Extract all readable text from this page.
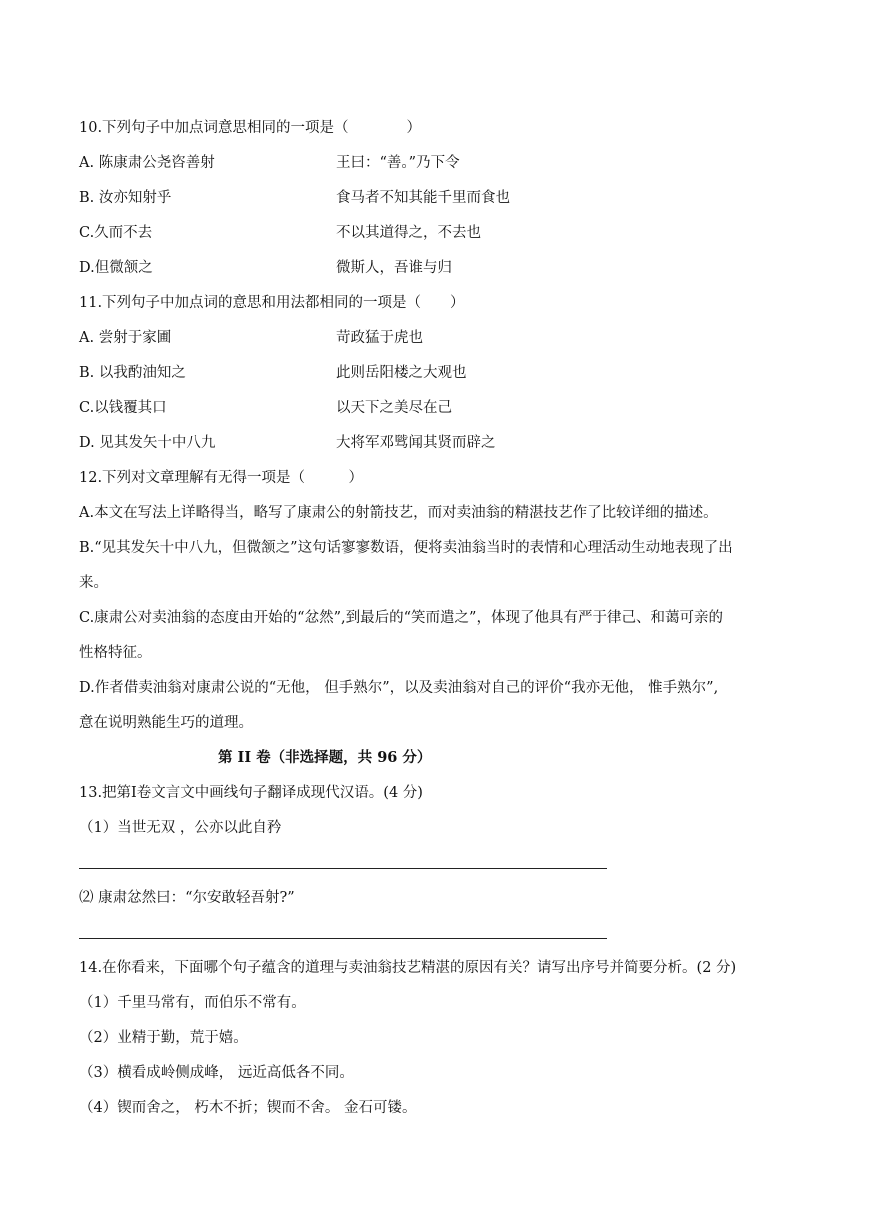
10.下列句子中加点词意思相同的一项是（　　　　）
A. 陈康肃公尧咨善射	王曰：“善。”乃下令
B. 汝亦知射乎	食马者不知其能千里而食也
C.久而不去	不以其道得之，不去也
D.但微颔之	微斯人，吾谁与归
11.下列句子中加点词的意思和用法都相同的一项是（　　）
A. 尝射于家圃	苛政猛于虎也
B. 以我酌油知之	此则岳阳楼之大观也
C.以钱覆其口	以天下之美尽在己
D. 见其发矢十中八九	大将军邓骘闻其贤而辟之
12.下列对文章理解有无得一项是（　　　）
A.本文在写法上详略得当，略写了康肃公的射箭技艺，而对卖油翁的精湛技艺作了比较详细的描述。
B.“见其发矢十中八九，但微颔之”这句话寥寥数语，便将卖油翁当时的表情和心理活动生动地表现了出
来。
C.康肃公对卖油翁的态度由开始的“忿然”,到最后的“笑而遣之”，体现了他具有严于律己、和蔼可亲的
性格特征。
D.作者借卖油翁对康肃公说的“无他， 但手熟尔”，以及卖油翁对自己的评价“我亦无他， 惟手熟尔”,
意在说明熟能生巧的道理。
第 II 卷（非选择题，共 96 分）
13.把第Ⅰ卷文言文中画线句子翻译成现代汉语。(4 分)
（1）当世无双 ，公亦以此自矜
⑵ 康肃忿然曰：“尔安敢轻吾射?”
14.在你看来，下面哪个句子蕴含的道理与卖油翁技艺精湛的原因有关？请写出序号并简要分析。(2 分)
（1）千里马常有，而伯乐不常有。
（2）业精于勤，荒于嬉。
（3）横看成岭侧成峰， 远近高低各不同。
（4）锲而舍之， 朽木不折；锲而不舍。 金石可镂。
